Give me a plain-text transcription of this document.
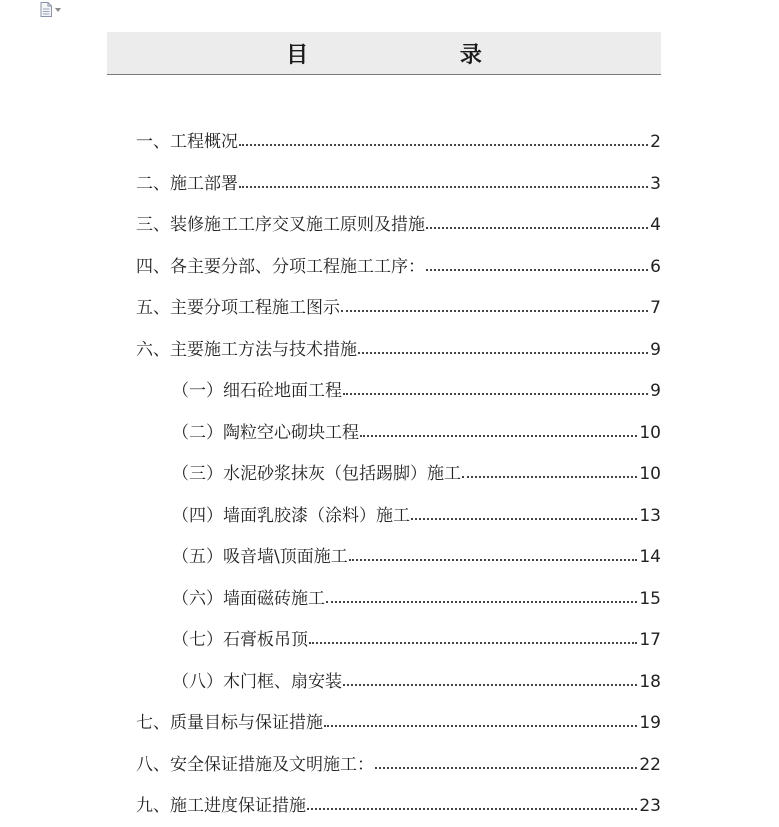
目 录
一、工程概况	2
二、施工部署	3
三、装修施工工序交叉施工原则及措施	4
四、各主要分部、分项工程施工工序：	6
五、主要分项工程施工图示	7
六、主要施工方法与技术措施	9
（一）细石砼地面工程	9
（二）陶粒空心砌块工程	10
（三）水泥砂浆抹灰（包括踢脚）施工	10
（四）墙面乳胶漆（涂料）施工	13
（五）吸音墙\顶面施工	14
（六）墙面磁砖施工	15
（七）石膏板吊顶	17
（八）木门框、扇安装	18
七、质量目标与保证措施	19
八、安全保证措施及文明施工：	22
九、施工进度保证措施	23
